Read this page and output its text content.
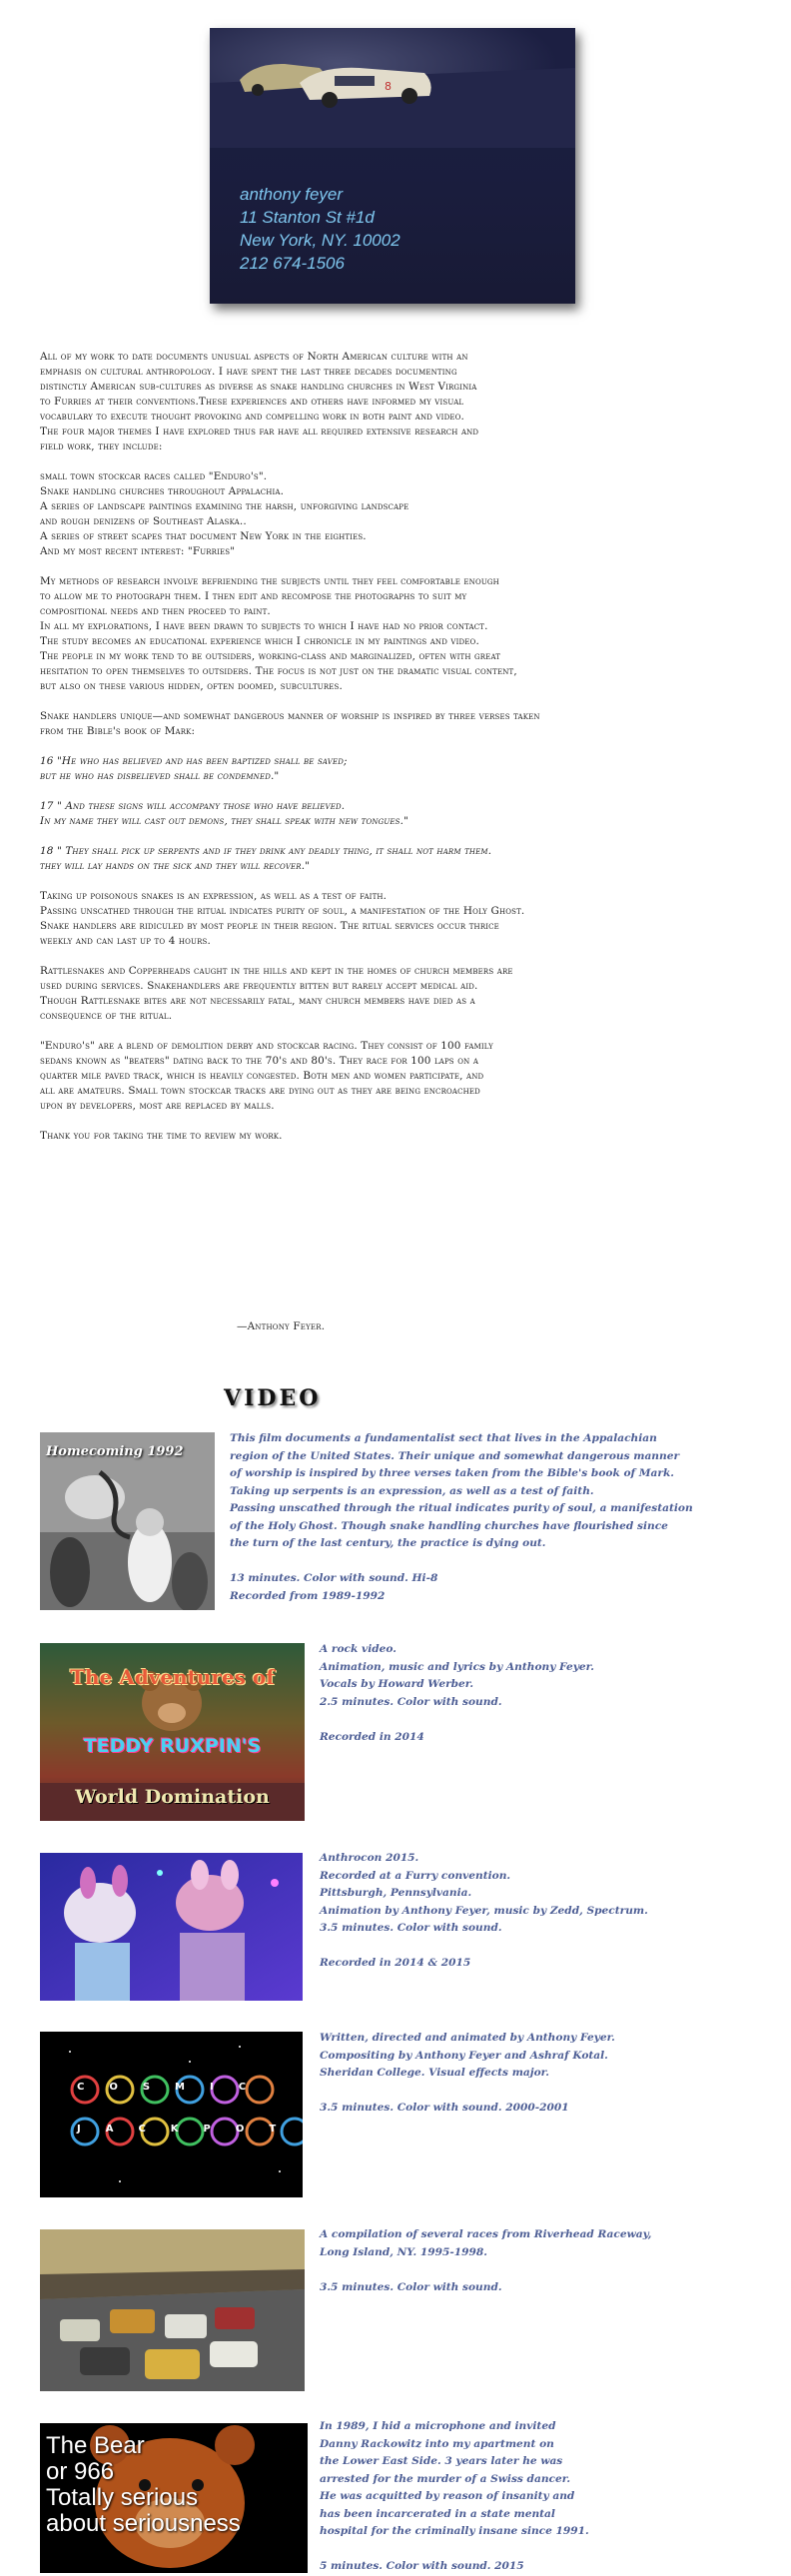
8
anthony feyer
11 Stanton St #1d
New York, NY. 10002
212 674-1506

All of my work to date documents unusual aspects of North American culture with an
emphasis on cultural anthropology. I have spent the last three decades documenting
distinctly American sub-cultures as diverse as snake handling churches in West Virginia
to Furries at their conventions.These experiences and others have informed my visual
vocabulary to execute thought provoking and compelling work in both paint and video.
The four major themes I have explored thus far have all required extensive research and
field work, they include:

small town stockcar races called "Enduro's".
Snake handling churches throughout Appalachia.
A series of landscape paintings examining the harsh, unforgiving landscape
and rough denizens of Southeast Alaska..
A series of street scapes that document New York in the eighties.
And my most recent interest: "Furries"

My methods of research involve befriending the subjects until they feel comfortable enough
to allow me to photograph them. I then edit and recompose the photographs to suit my
compositional needs and then proceed to paint.
In all my explorations, I have been drawn to subjects to which I have had no prior contact.
The study becomes an educational experience which I chronicle in my paintings and video.
The people in my work tend to be outsiders, working-class and marginalized, often with great
hesitation to open themselves to outsiders. The focus is not just on the dramatic visual content,
but also on these various hidden, often doomed, subcultures.

Snake handlers unique—and somewhat dangerous manner of worship is inspired by three verses taken
from the Bible's book of Mark:

16 "He who has believed and has been baptized shall be saved;
but he who has disbelieved shall be condemned."

17 " And these signs will accompany those who have believed.
In my name they will cast out demons, they shall speak with new tongues."

18 " They shall pick up serpents and if they drink any deadly thing, it shall not harm them.
they will lay hands on the sick and they will recover."

Taking up poisonous snakes is an expression, as well as a test of faith.
Passing unscathed through the ritual indicates purity of soul, a manifestation of the Holy Ghost.
Snake handlers are ridiculed by most people in their region. The ritual services occur thrice
weekly and can last up to 4 hours.

Rattlesnakes and Copperheads caught in the hills and kept in the homes of church members are
used during services. Snakehandlers are frequently bitten but rarely accept medical aid.
Though Rattlesnake bites are not necessarily fatal, many church members have died as a
consequence of the ritual.

"Enduro's" are a blend of demolition derby and stockcar racing. They consist of 100 family
sedans known as "beaters" dating back to the 70's and 80's. They race for 100 laps on a
quarter mile paved track, which is heavily congested. Both men and women participate, and
all are amateurs. Small town stockcar tracks are dying out as they are being encroached
upon by developers, most are replaced by malls.

Thank you for taking the time to review my work.

—Anthony Feyer.
VIDEO
Homecoming 1992

This film documents a fundamentalist sect that lives in the Appalachian
region of the United States. Their unique and somewhat dangerous manner
of worship is inspired by three verses taken from the Bible's book of Mark.
Taking up serpents is an expression, as well as a test of faith.
Passing unscathed through the ritual indicates purity of soul, a manifestation
of the Holy Ghost. Though snake handling churches have flourished since
the turn of the last century, the practice is dying out.

13 minutes. Color with sound. Hi-8
Recorded from 1989-1992

The Adventures of
TEDDY RUXPIN'S
World Domination

A rock video.
Animation, music and lyrics by Anthony Feyer.
Vocals by Howard Werber.
2.5 minutes. Color with sound.

Recorded in 2014

Anthrocon 2015.
Recorded at a Furry convention.
Pittsburgh, Pennsylvania.
Animation by Anthony Feyer, music by Zedd, Spectrum.
3.5 minutes. Color with sound.

Recorded in 2014 & 2015

COSMIC
JACKPOT

Written, directed and animated by Anthony Feyer.
Compositing by Anthony Feyer and Ashraf Kotal.
Sheridan College. Visual effects major.

3.5 minutes. Color with sound. 2000-2001

A compilation of several races from Riverhead Raceway,
Long Island, NY. 1995-1998.

3.5 minutes. Color with sound.

The Bear
or 966
Totally serious
about seriousness

In 1989, I hid a microphone and invited
Danny Rackowitz into my apartment on
the Lower East Side. 3 years later he was
arrested for the murder of a Swiss dancer.
He was acquitted by reason of insanity and
has been incarcerated in a state mental
hospital for the criminally insane since 1991.

5 minutes. Color with sound. 2015
